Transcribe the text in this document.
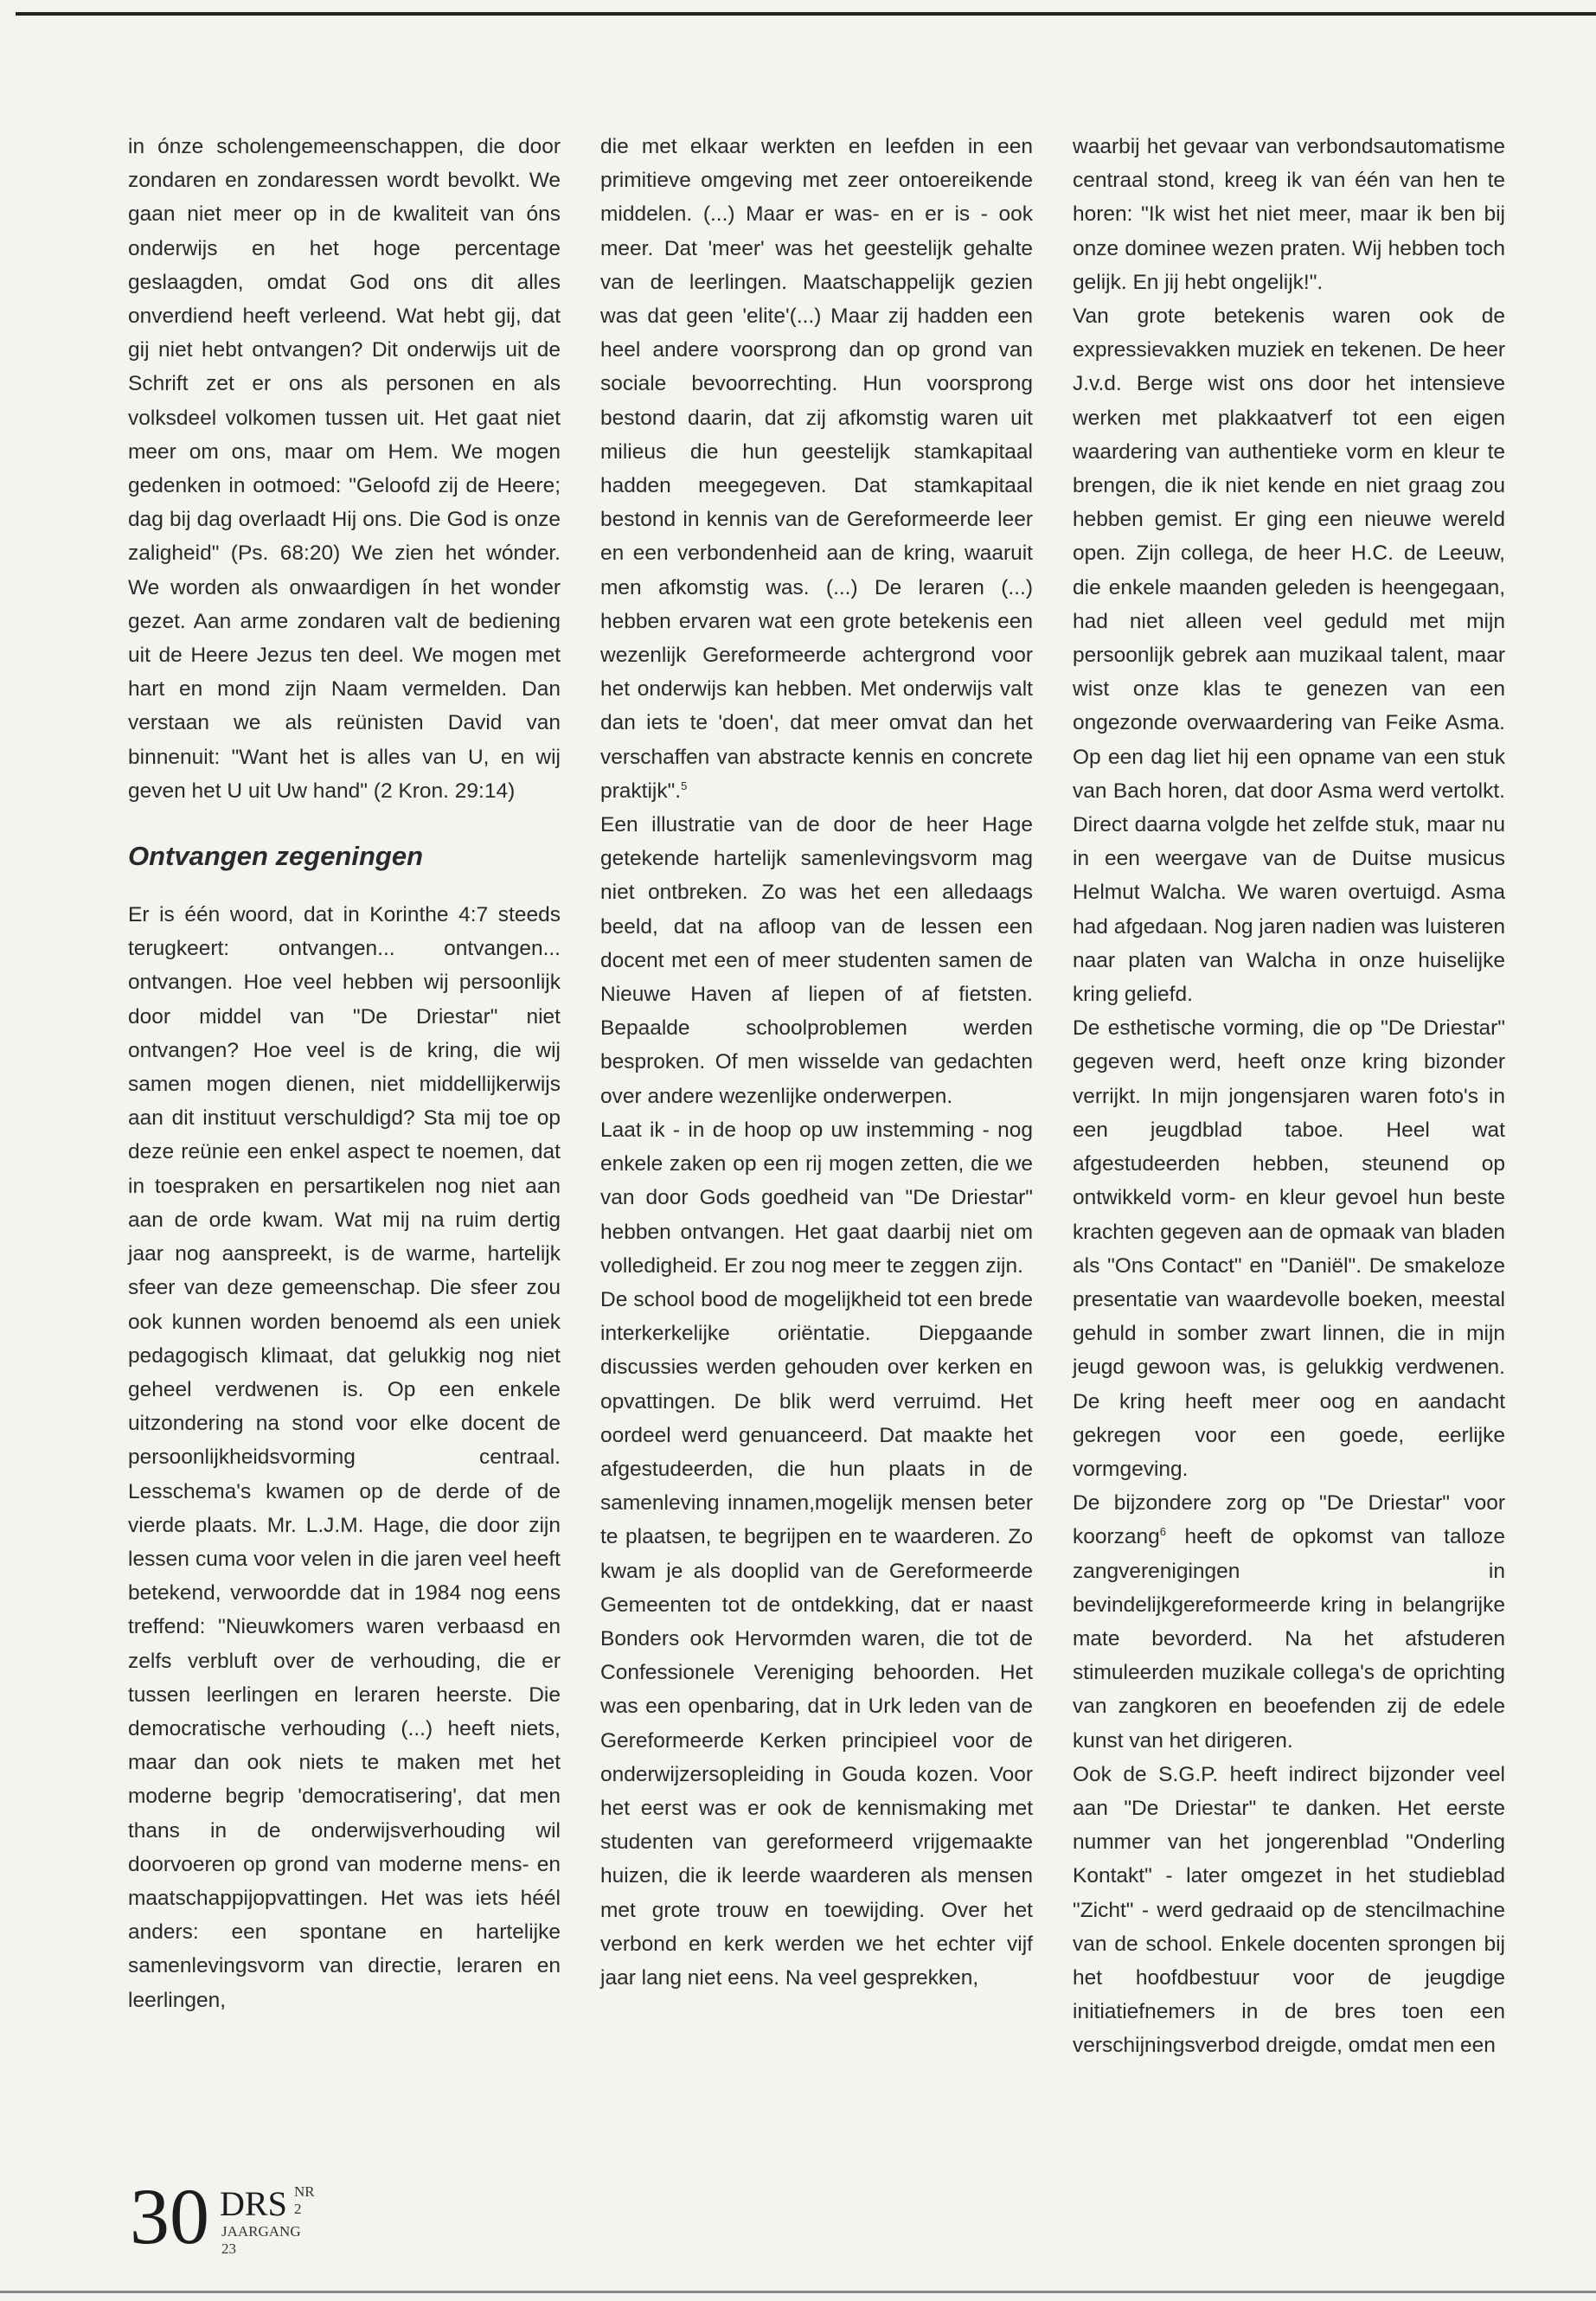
in ónze scholengemeenschappen, die door zondaren en zondaressen wordt bevolkt. We gaan niet meer op in de kwaliteit van óns onderwijs en het hoge percentage geslaagden, omdat God ons dit alles onverdiend heeft verleend. Wat hebt gij, dat gij niet hebt ontvangen? Dit onderwijs uit de Schrift zet er ons als personen en als volksdeel volkomen tussen uit. Het gaat niet meer om ons, maar om Hem. We mogen gedenken in ootmoed: "Geloofd zij de Heere; dag bij dag overlaadt Hij ons. Die God is onze zaligheid" (Ps. 68:20) We zien het wónder. We worden als onwaardigen ín het wonder gezet. Aan arme zondaren valt de bediening uit de Heere Jezus ten deel. We mogen met hart en mond zijn Naam vermelden. Dan verstaan we als reünisten David van binnenuit: "Want het is alles van U, en wij geven het U uit Uw hand" (2 Kron. 29:14)

Ontvangen zegeningen

Er is één woord, dat in Korinthe 4:7 steeds terugkeert: ontvangen... ontvangen... ontvangen. Hoe veel hebben wij persoonlijk door middel van "De Driestar" niet ontvangen? Hoe veel is de kring, die wij samen mogen dienen, niet middellijkerwijs aan dit instituut verschuldigd? Sta mij toe op deze reünie een enkel aspect te noemen, dat in toespraken en persartikelen nog niet aan aan de orde kwam. Wat mij na ruim dertig jaar nog aanspreekt, is de warme, hartelijk sfeer van deze gemeenschap. Die sfeer zou ook kunnen worden benoemd als een uniek pedagogisch klimaat, dat gelukkig nog niet geheel verdwenen is. Op een enkele uitzondering na stond voor elke docent de persoonlijkheidsvorming centraal. Lesschema's kwamen op de derde of de vierde plaats. Mr. L.J.M. Hage, die door zijn lessen cuma voor velen in die jaren veel heeft betekend, verwoordde dat in 1984 nog eens treffend: "Nieuwkomers waren verbaasd en zelfs verbluft over de verhouding, die er tussen leerlingen en leraren heerste. Die democratische verhouding (...) heeft niets, maar dan ook niets te maken met het moderne begrip 'democratisering', dat men thans in de onderwijsverhouding wil doorvoeren op grond van moderne mens- en maatschappijopvattingen. Het was iets héél anders: een spontane en hartelijke samenlevingsvorm van directie, leraren en leerlingen,

die met elkaar werkten en leefden in een primitieve omgeving met zeer ontoereikende middelen. (...) Maar er was- en er is - ook meer. Dat 'meer' was het geestelijk gehalte van de leerlingen. Maatschappelijk gezien was dat geen 'elite'(...) Maar zij hadden een heel andere voorsprong dan op grond van sociale bevoorrechting. Hun voorsprong bestond daarin, dat zij afkomstig waren uit milieus die hun geestelijk stamkapitaal hadden meegegeven. Dat stamkapitaal bestond in kennis van de Gereformeerde leer en een verbondenheid aan de kring, waaruit men afkomstig was. (...) De leraren (...) hebben ervaren wat een grote betekenis een wezenlijk Gereformeerde achtergrond voor het onderwijs kan hebben. Met onderwijs valt dan iets te 'doen', dat meer omvat dan het verschaffen van abstracte kennis en concrete praktijk".$^5$

Een illustratie van de door de heer Hage getekende hartelijk samenlevingsvorm mag niet ontbreken. Zo was het een alledaags beeld, dat na afloop van de lessen een docent met een of meer studenten samen de Nieuwe Haven af liepen of af fietsten. Bepaalde schoolproblemen werden besproken. Of men wisselde van gedachten over andere wezenlijke onderwerpen.

Laat ik - in de hoop op uw instemming - nog enkele zaken op een rij mogen zetten, die we van door Gods goedheid van "De Driestar" hebben ontvangen. Het gaat daarbij niet om volledigheid. Er zou nog meer te zeggen zijn.

De school bood de mogelijkheid tot een brede interkerkelijke oriëntatie. Diepgaande discussies werden gehouden over kerken en opvattingen. De blik werd verruimd. Het oordeel werd genuanceerd. Dat maakte het afgestudeerden, die hun plaats in de samenleving innamen,mogelijk mensen beter te plaatsen, te begrijpen en te waarderen. Zo kwam je als dooplid van de Gereformeerde Gemeenten tot de ontdekking, dat er naast Bonders ook Hervormden waren, die tot de Confessionele Vereniging behoorden. Het was een openbaring, dat in Urk leden van de Gereformeerde Kerken principieel voor de onderwijzersopleiding in Gouda kozen. Voor het eerst was er ook de kennismaking met studenten van gereformeerd vrijgemaakte huizen, die ik leerde waarderen als mensen met grote trouw en toewijding. Over het verbond en kerk werden we het echter vijf jaar lang niet eens. Na veel gesprekken,

waarbij het gevaar van verbondsautomatisme centraal stond, kreeg ik van één van hen te horen: "Ik wist het niet meer, maar ik ben bij onze dominee wezen praten. Wij hebben toch gelijk. En jij hebt ongelijk!".

Van grote betekenis waren ook de expressievakken muziek en tekenen. De heer J.v.d. Berge wist ons door het intensieve werken met plakkaatverf tot een eigen waardering van authentieke vorm en kleur te brengen, die ik niet kende en niet graag zou hebben gemist. Er ging een nieuwe wereld open. Zijn collega, de heer H.C. de Leeuw, die enkele maanden geleden is heengegaan, had niet alleen veel geduld met mijn persoonlijk gebrek aan muzikaal talent, maar wist onze klas te genezen van een ongezonde overwaardering van Feike Asma. Op een dag liet hij een opname van een stuk van Bach horen, dat door Asma werd vertolkt. Direct daarna volgde het zelfde stuk, maar nu in een weergave van de Duitse musicus Helmut Walcha. We waren overtuigd. Asma had afgedaan. Nog jaren nadien was luisteren naar platen van Walcha in onze huiselijke kring geliefd.

De esthetische vorming, die op "De Driestar" gegeven werd, heeft onze kring bizonder verrijkt. In mijn jongensjaren waren foto's in een jeugdblad taboe. Heel wat afgestudeerden hebben, steunend op ontwikkeld vorm- en kleur gevoel hun beste krachten gegeven aan de opmaak van bladen als "Ons Contact" en "Daniël". De smakeloze presentatie van waardevolle boeken, meestal gehuld in somber zwart linnen, die in mijn jeugd gewoon was, is gelukkig verdwenen. De kring heeft meer oog en aandacht gekregen voor een goede, eerlijke vormgeving.

De bijzondere zorg op "De Driestar" voor koorzang$^6$ heeft de opkomst van talloze zangverenigingen in bevindelijkgereformeerde kring in belangrijke mate bevorderd. Na het afstuderen stimuleerden muzikale collega's de oprichting van zangkoren en beoefenden zij de edele kunst van het dirigeren.

Ook de S.G.P. heeft indirect bijzonder veel aan "De Driestar" te danken. Het eerste nummer van het jongerenblad "Onderling Kontakt" - later omgezet in het studieblad "Zicht" - werd gedraaid op de stencilmachine van de school. Enkele docenten sprongen bij het hoofdbestuur voor de jeugdige initiatiefnemers in de bres toen een verschijningsverbod dreigde, omdat men een

30 DRS NR 2
JAARGANG 23
